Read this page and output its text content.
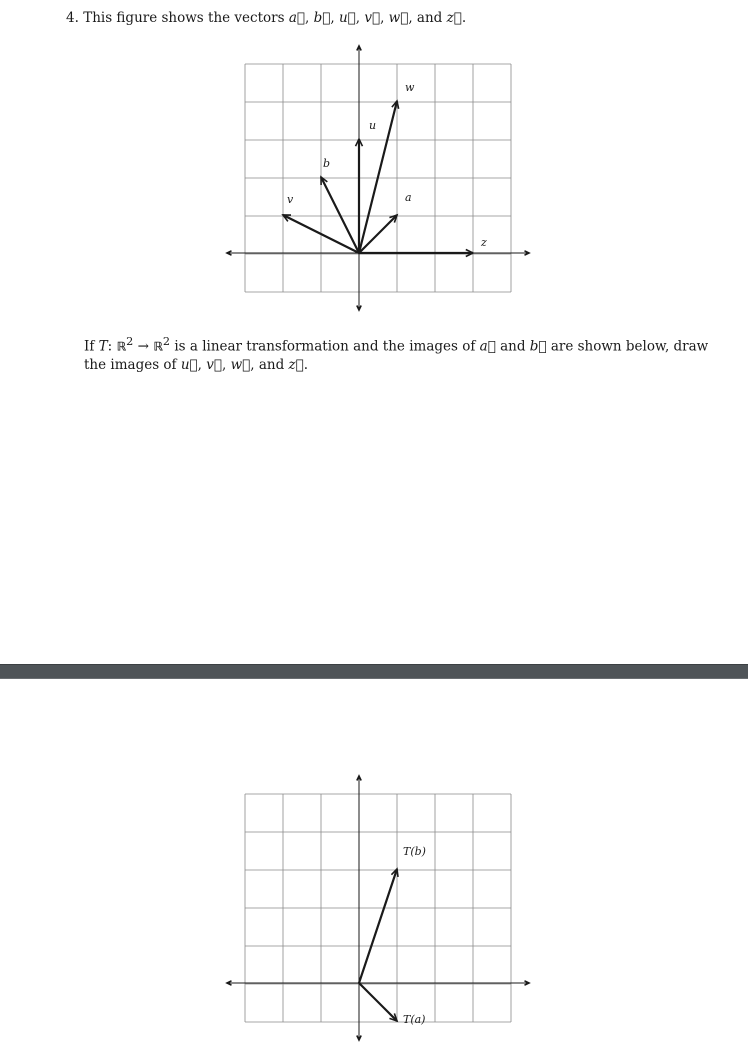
4. This figure shows the vectors a⃗, b⃗, u⃗, v⃗, w⃗, and z⃗.
If T: ℝ$^2$ → ℝ$^2$ is a linear transformation and the images of a⃗ and b⃗ are shown below, draw
the images of u⃗, v⃗, w⃗, and z⃗.
a
b
u
v
w
z
T(a)
T(b)
